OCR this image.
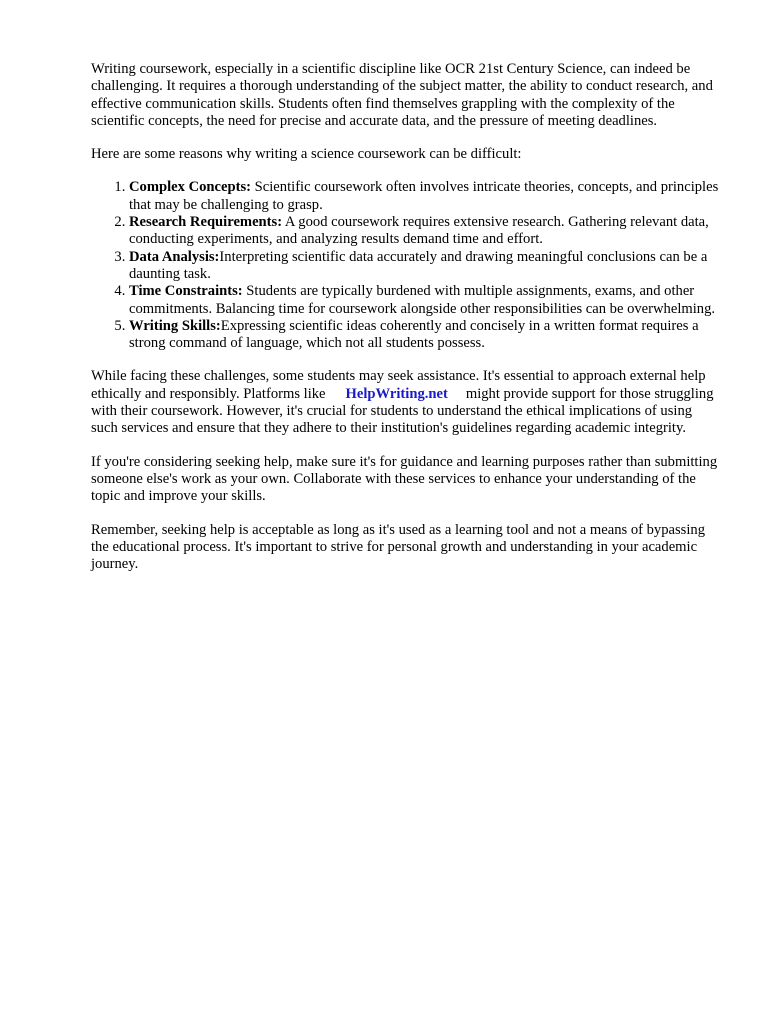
Writing coursework, especially in a scientific discipline like OCR 21st Century Science, can indeed be challenging. It requires a thorough understanding of the subject matter, the ability to conduct research, and effective communication skills. Students often find themselves grappling with the complexity of the scientific concepts, the need for precise and accurate data, and the pressure of meeting deadlines.

Here are some reasons why writing a science coursework can be difficult:

1. Complex Concepts: Scientific coursework often involves intricate theories, concepts, and principles that may be challenging to grasp.
2. Research Requirements: A good coursework requires extensive research. Gathering relevant data, conducting experiments, and analyzing results demand time and effort.
3. Data Analysis:Interpreting scientific data accurately and drawing meaningful conclusions can be a daunting task.
4. Time Constraints: Students are typically burdened with multiple assignments, exams, and other commitments. Balancing time for coursework alongside other responsibilities can be overwhelming.
5. Writing Skills:Expressing scientific ideas coherently and concisely in a written format requires a strong command of language, which not all students possess.

While facing these challenges, some students may seek assistance. It's essential to approach external help ethically and responsibly. Platforms like HelpWriting.net might provide support for those struggling with their coursework. However, it's crucial for students to understand the ethical implications of using such services and ensure that they adhere to their institution's guidelines regarding academic integrity.

If you're considering seeking help, make sure it's for guidance and learning purposes rather than submitting someone else's work as your own. Collaborate with these services to enhance your understanding of the topic and improve your skills.

Remember, seeking help is acceptable as long as it's used as a learning tool and not a means of bypassing the educational process. It's important to strive for personal growth and understanding in your academic journey.
